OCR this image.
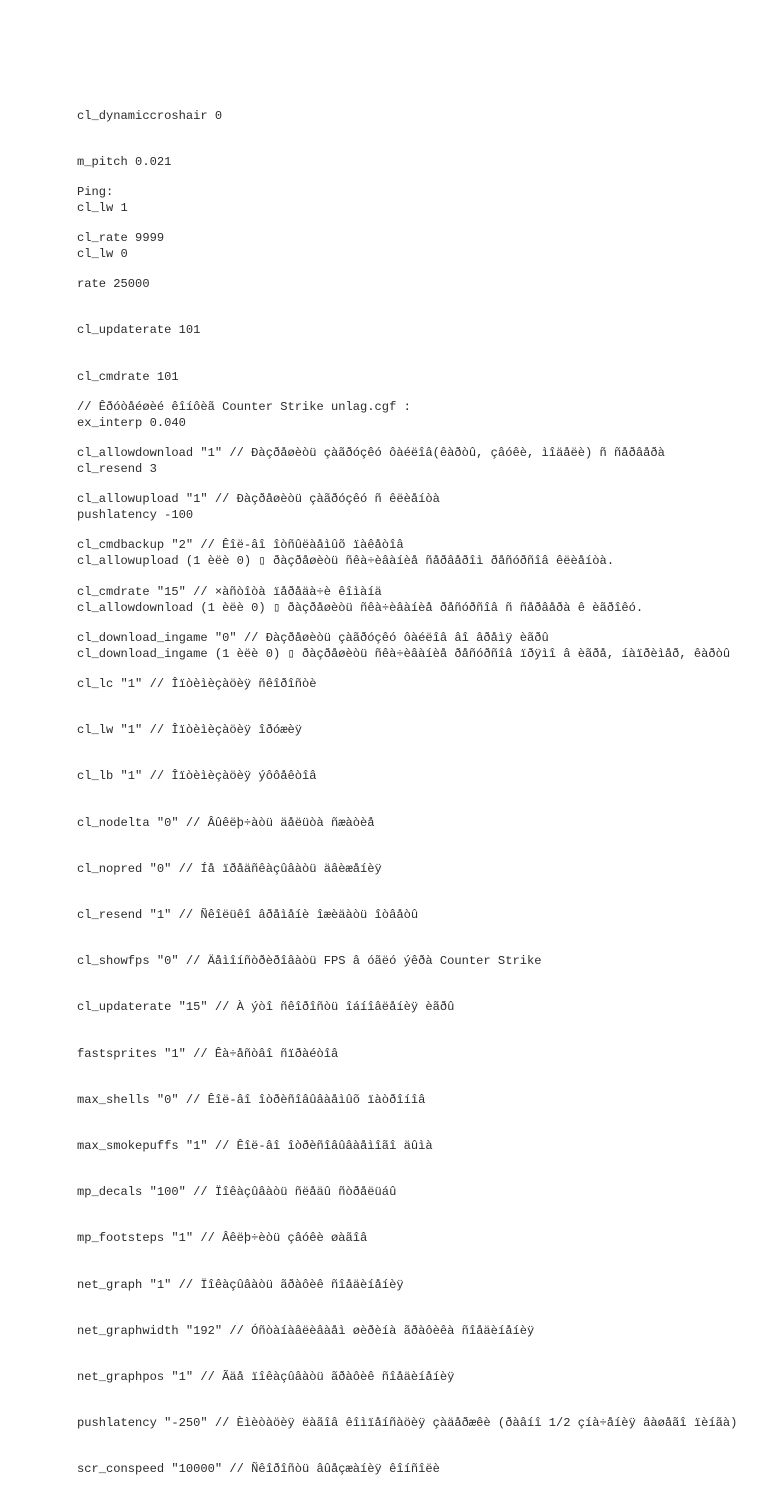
cl_dynamiccroshair 0

m_pitch 0.021

cl_lw 1

cl_lw 0

Ping:

cl_rate 9999

rate 25000

cl_updaterate 101

cl_cmdrate 101

ex_interp 0.040

cl_resend 3

pushlatency -100

cl_allowupload (1 èëè 0) ▯ ðàçðåøèòü ñêà÷èâàíèå ñåðâåðîì ðåñóðñîâ êëèåíòà.

cl_allowdownload (1 èëè 0) ▯ ðàçðåøèòü ñêà÷èâàíèå ðåñóðñîâ ñ ñåðâåðà ê èãðîêó.

cl_download_ingame (1 èëè 0) ▯ ðàçðåøèòü ñêà÷èâàíèå ðåñóðñîâ ïðÿìî â èãðå, íàïðèìåð, êàðòû

// Êðóòåéøèé êîíôèã Counter Strike unlag.cgf :

cl_allowdownload "1" // Ðàçðåøèòü çàãðóçêó ôàéëîâ(êàðòû, çâóêè, ìîäåëè) ñ ñåðâåðà

cl_allowupload "1" // Ðàçðåøèòü çàãðóçêó ñ êëèåíòà

cl_cmdbackup "2" // Êîë-âî îòñûëàåìûõ ïàêåòîâ

cl_cmdrate "15" // ×àñòîòà ïåðåäà÷è êîìàíä

cl_download_ingame "0" // Ðàçðåøèòü çàãðóçêó ôàéëîâ âî âðåìÿ èãðû

cl_lc "1" // Îïòèìèçàöèÿ ñêîðîñòè

cl_lw "1" // Îïòèìèçàöèÿ îðóæèÿ

cl_lb "1" // Îïòèìèçàöèÿ ýôôåêòîâ

cl_nodelta "0" // Âûêëþ÷àòü äåëüòà ñæàòèå

cl_nopred "0" // Íå ïðåäñêàçûâàòü äâèæåíèÿ

cl_resend "1" // Ñêîëüêî âðåìåíè îæèäàòü îòâåòû

cl_showfps "0" // Äåìîíñòðèðîâàòü FPS â óãëó ýêðà Counter Strike

cl_updaterate "15" // À ýòî ñêîðîñòü îáíîâëåíèÿ èãðû

fastsprites "1" // Êà÷åñòâî ñïðàéòîâ

max_shells "0" // Êîë-âî îòðèñîâûâàåìûõ ïàòðîíîâ

max_smokepuffs "1" // Êîë-âî îòðèñîâûâàåìîãî äûìà

mp_decals "100" // Ïîêàçûâàòü ñëåäû ñòðåëüáû

mp_footsteps "1" // Âêëþ÷èòü çâóêè øàãîâ

net_graph "1" // Ïîêàçûâàòü ãðàôèê ñîåäèíåíèÿ

net_graphwidth "192" // Óñòàíàâëèâàåì øèðèíà ãðàôèêà ñîåäèíåíèÿ

net_graphpos "1" // Ãäå ïîêàçûâàòü ãðàôèê ñîåäèíåíèÿ

pushlatency "-250" // Èìèòàöèÿ ëàãîâ êîìïåíñàöèÿ çàäåðæêè (ðàâíî 1/2 çíà÷åíèÿ âàøåãî ïèíãà)

scr_conspeed "10000" // Ñêîðîñòü âûåçæàíèÿ êîíñîëè
